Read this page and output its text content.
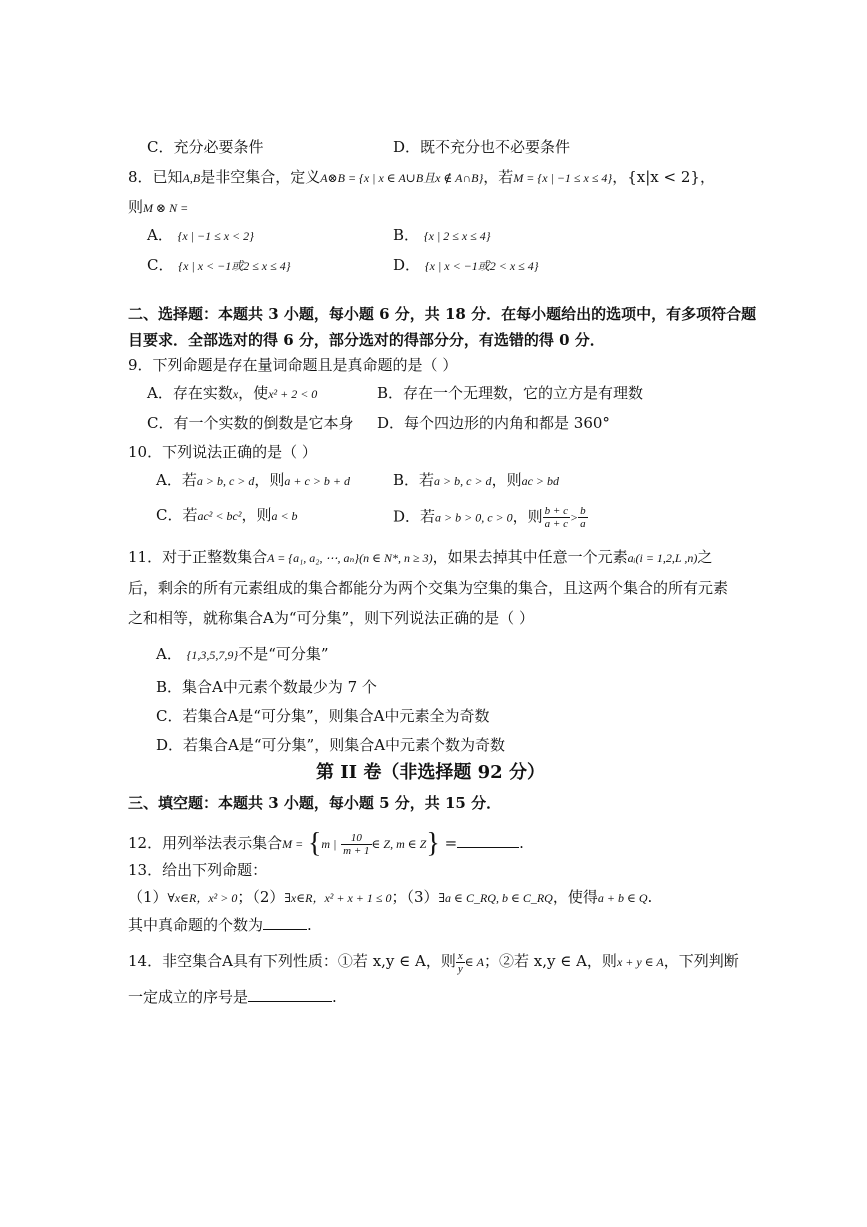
C．充分必要条件	D．既不充分也不必要条件
8．已知A,B是非空集合，定义A⊗B = {x | x ∈ A∪B且x ∉ A∩B}，若M = {x | −1 ≤ x ≤ 4}，{x|x < 2}，
则M ⊗ N =
A． {x | −1 ≤ x < 2}	B． {x | 2 ≤ x ≤ 4}
C． {x | x < −1或2 ≤ x ≤ 4}	D． {x | x < −1或2 < x ≤ 4}
二、选择题：本题共 3 小题，每小题 6 分，共 18 分．在每小题给出的选项中，有多项符合题
目要求．全部选对的得 6 分，部分选对的得部分分，有选错的得 0 分．
9．下列命题是存在量词命题且是真命题的是（ ）
A．存在实数x，使x² + 2 < 0	B．存在一个无理数，它的立方是有理数
C．有一个实数的倒数是它本身 D．每个四边形的内角和都是 360°
10．下列说法正确的是（ ）
A．若a > b, c > d，则a + c > b + d	B．若a > b, c > d，则ac > bd
C．若ac² < bc²，则a < b	D．若a > b > 0, c > 0，则 $\frac{b + c}{a + c} > \frac{b}{a}$
11．对于正整数集合A = {a₁, a₂, ⋯, aₙ}(n ∈ N*, n ≥ 3)，如果去掉其中任意一个元素aᵢ(i = 1,2,L ,n)之
后，剩余的所有元素组成的集合都能分为两个交集为空集的集合，且这两个集合的所有元素
之和相等，就称集合A为“可分集”，则下列说法正确的是（ ）
A． {1,3,5,7,9}不是“可分集”
B．集合A中元素个数最少为 7 个
C．若集合A是“可分集”，则集合A中元素全为奇数
D．若集合A是“可分集”，则集合A中元素个数为奇数
第 II 卷（非选择题 92 分）
三、填空题：本题共 3 小题，每小题 5 分，共 15 分．
12．用列举法表示集合M = {m | $\frac{10}{m + 1}$ ∈ Z, m ∈ Z} =	.
13．给出下列命题：
（1）∀x∈R，x² > 0；（2）∃x∈R，x² + x + 1 ≤ 0；（3）∃a ∈ C_RQ, b ∈ C_RQ，使得a + b ∈ Q.
其中真命题的个数为	.
14．非空集合A具有下列性质：①若 x,y ∈ A，则 $\frac{x}{y}$ ∈ A；②若 x,y ∈ A，则x + y ∈ A，下列判断
一定成立的序号是	.
